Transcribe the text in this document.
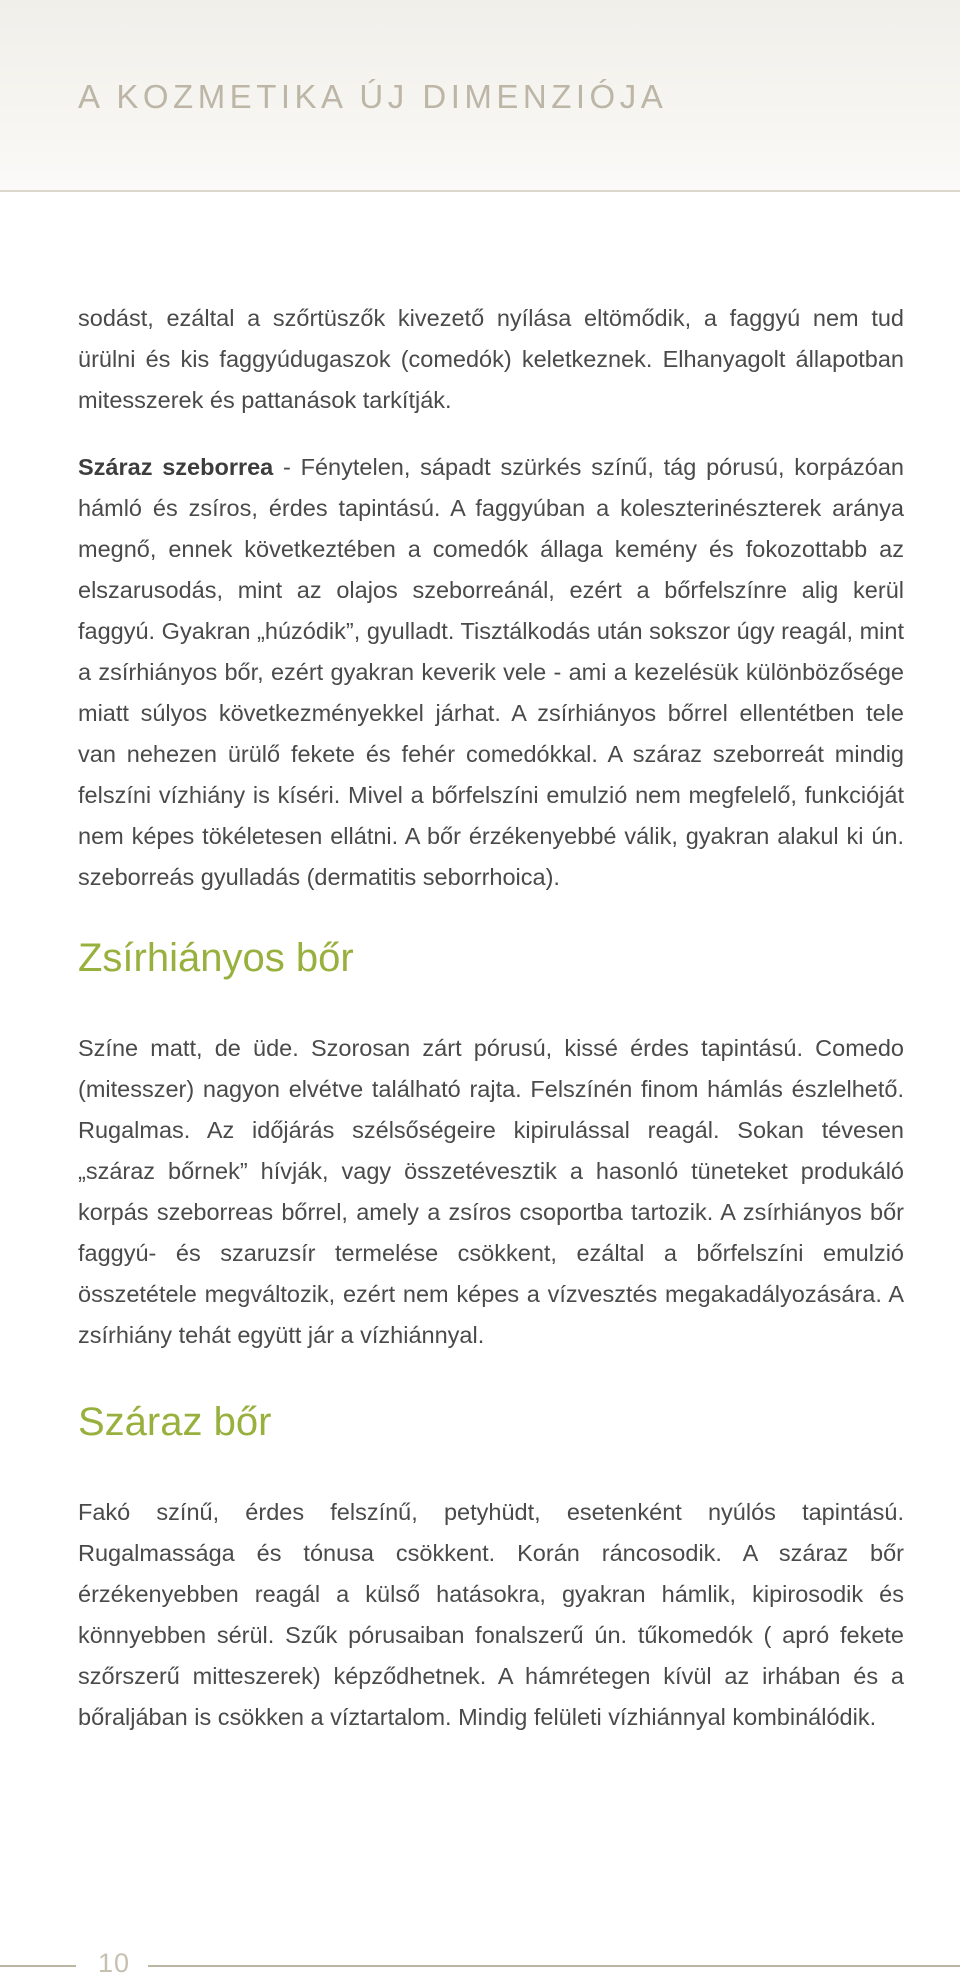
A KOZMETIKA ÚJ DIMENZIÓJA

sodást, ezáltal a szőrtüszők kivezető nyílása eltömődik, a faggyú nem tud ürülni és kis faggyúdugaszok (comedók) keletkeznek. Elhanyagolt állapotban mitesszerek és pattanások tarkítják.

Száraz szeborrea - Fénytelen, sápadt szürkés színű, tág pórusú, korpázóan hámló és zsíros, érdes tapintású. A faggyúban a koleszterinészterek aránya megnő, ennek következtében a comedók állaga kemény és fokozottabb az elszarusodás, mint az olajos szeborreánál, ezért a bőrfelszínre alig kerül faggyú. Gyakran „húzódik”, gyulladt. Tisztálkodás után sokszor úgy reagál, mint a zsírhiányos bőr, ezért gyakran keverik vele - ami a kezelésük különbözősége miatt súlyos következményekkel járhat. A zsírhiányos bőrrel ellentétben tele van nehezen ürülő fekete és fehér comedókkal. A száraz szeborreát mindig felszíni vízhiány is kíséri. Mivel a bőrfelszíni emulzió nem megfelelő, funkcióját nem képes tökéletesen ellátni. A bőr érzékenyebbé válik, gyakran alakul ki ún. szeborreás gyulladás (dermatitis seborrhoica).

Zsírhiányos bőr

Színe matt, de üde. Szorosan zárt pórusú, kissé érdes tapintású. Comedo (mitesszer) nagyon elvétve található rajta. Felszínén finom hámlás észlelhető. Rugalmas. Az időjárás szélsőségeire kipirulással reagál. Sokan tévesen „száraz bőrnek” hívják, vagy összetévesztik a hasonló tüneteket produkáló korpás szeborreas bőrrel, amely a zsíros csoportba tartozik. A zsírhiányos bőr faggyú- és szaruzsír termelése csökkent, ezáltal a bőrfelszíni emulzió összetétele megváltozik, ezért nem képes a vízvesztés megakadályozására. A zsírhiány tehát együtt jár a vízhiánnyal.

Száraz bőr

Fakó színű, érdes felszínű, petyhüdt, esetenként nyúlós tapintású. Rugalmassága és tónusa csökkent. Korán ráncosodik. A száraz bőr érzékenyebben reagál a külső hatásokra, gyakran hámlik, kipirosodik és könnyebben sérül. Szűk pórusaiban fonalszerű ún. tűkomedók ( apró fekete szőrszerű mitteszerek) képződhetnek. A hámrétegen kívül az irhában és a bőraljában is csökken a víztartalom. Mindig felületi vízhiánnyal kombinálódik.

10
